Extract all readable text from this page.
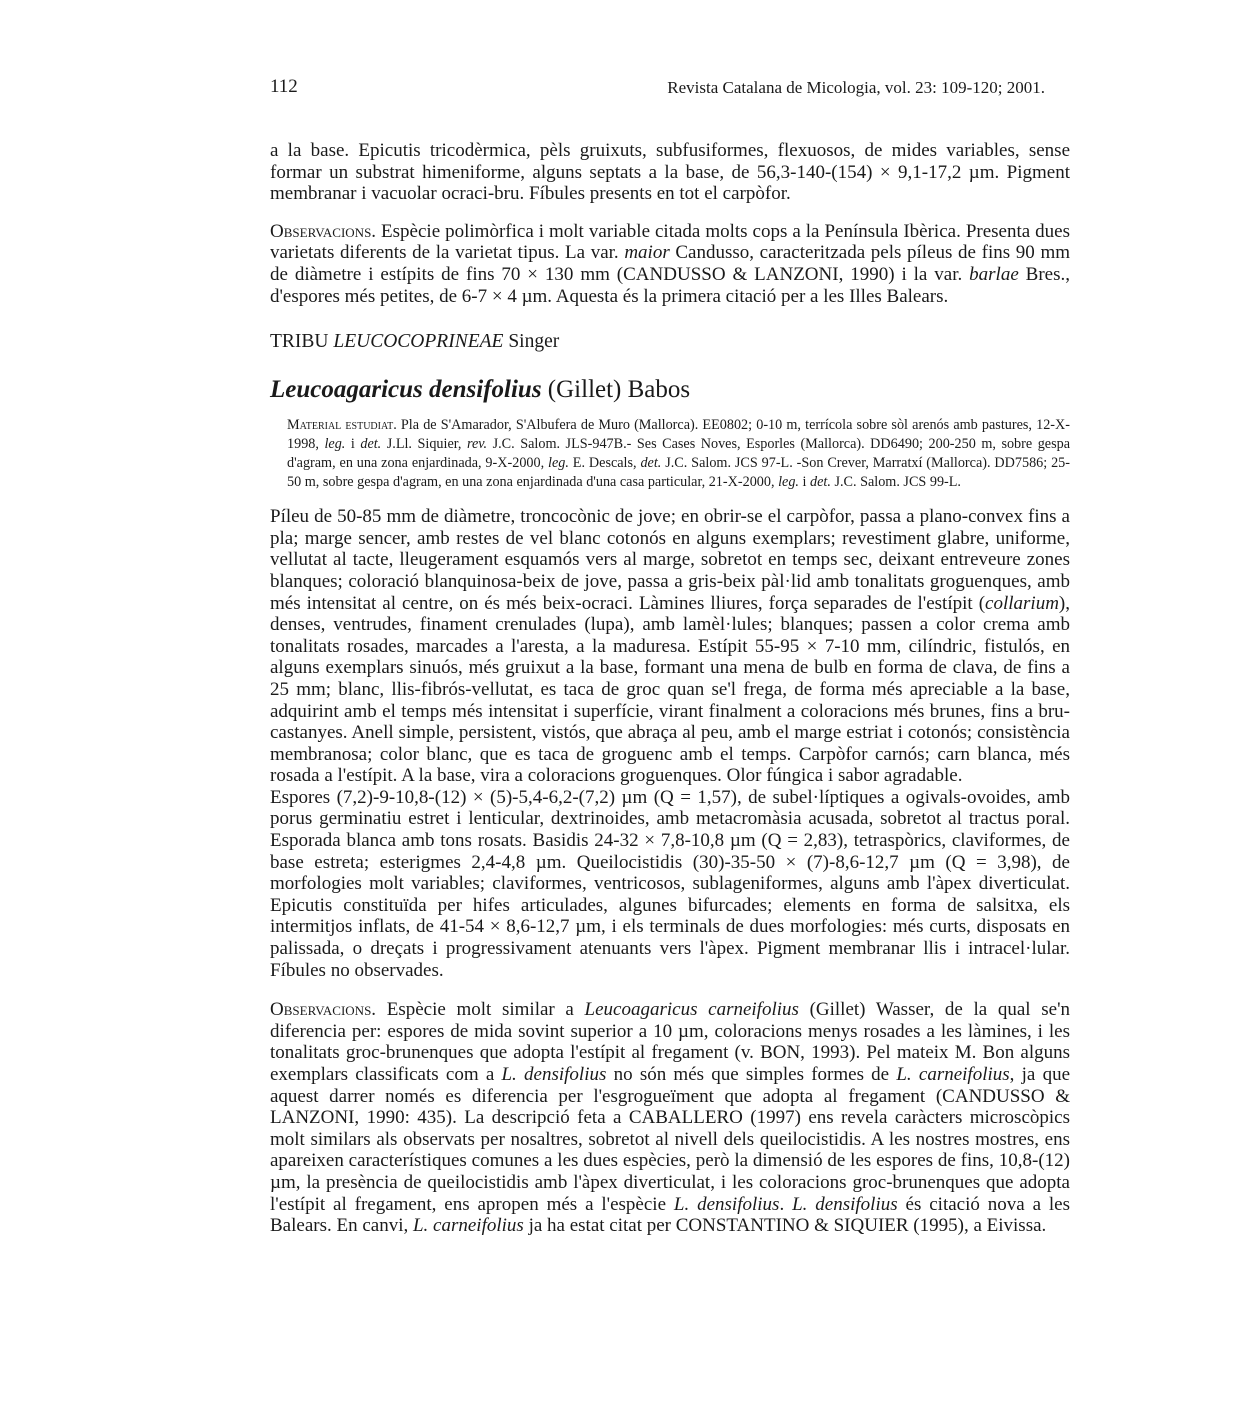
112	Revista Catalana de Micologia, vol. 23: 109-120; 2001.

a la base. Epicutis tricodèrmica, pèls gruixuts, subfusiformes, flexuosos, de mides variables, sense formar un substrat himeniforme, alguns septats a la base, de 56,3-140-(154) × 9,1-17,2 µm. Pigment membranar i vacuolar ocraci-bru. Fíbules presents en tot el carpòfor.

Observacions. Espècie polimòrfica i molt variable citada molts cops a la Península Ibèrica. Presenta dues varietats diferents de la varietat tipus. La var. maior Candusso, caracteritzada pels píleus de fins 90 mm de diàmetre i estípits de fins 70 × 130 mm (CANDUSSO & LANZONI, 1990) i la var. barlae Bres., d'espores més petites, de 6-7 × 4 µm. Aquesta és la primera citació per a les Illes Balears.

TRIBU LEUCOCOPRINEAE Singer

Leucoagaricus densifolius (Gillet) Babos

Material estudiat. Pla de S'Amarador, S'Albufera de Muro (Mallorca). EE0802; 0-10 m, terrícola sobre sòl arenós amb pastures, 12-X-1998, leg. i det. J.Ll. Siquier, rev. J.C. Salom. JLS-947B.- Ses Cases Noves, Esporles (Mallorca). DD6490; 200-250 m, sobre gespa d'agram, en una zona enjardinada, 9-X-2000, leg. E. Descals, det. J.C. Salom. JCS 97-L. -Son Crever, Marratxí (Mallorca). DD7586; 25-50 m, sobre gespa d'agram, en una zona enjardinada d'una casa particular, 21-X-2000, leg. i det. J.C. Salom. JCS 99-L.

Píleu de 50-85 mm de diàmetre, troncocònic de jove; en obrir-se el carpòfor, passa a plano-convex fins a pla; marge sencer, amb restes de vel blanc cotonós en alguns exemplars; revestiment glabre, uniforme, vellutat al tacte, lleugerament esquamós vers al marge, sobretot en temps sec, deixant entreveure zones blanques; coloració blanquinosa-beix de jove, passa a gris-beix pàl·lid amb tonalitats groguenques, amb més intensitat al centre, on és més beix-ocraci. Làmines lliures, força separades de l'estípit (collarium), denses, ventrudes, finament crenulades (lupa), amb lamèl·lules; blanques; passen a color crema amb tonalitats rosades, marcades a l'aresta, a la maduresa. Estípit 55-95 × 7-10 mm, cilíndric, fistulós, en alguns exemplars sinuós, més gruixut a la base, formant una mena de bulb en forma de clava, de fins a 25 mm; blanc, llis-fibrós-vellutat, es taca de groc quan se'l frega, de forma més apreciable a la base, adquirint amb el temps més intensitat i superfície, virant finalment a coloracions més brunes, fins a bru-castanyes. Anell simple, persistent, vistós, que abraça al peu, amb el marge estriat i cotonós; consistència membranosa; color blanc, que es taca de groguenc amb el temps. Carpòfor carnós; carn blanca, més rosada a l'estípit. A la base, vira a coloracions groguenques. Olor fúngica i sabor agradable.

Espores (7,2)-9-10,8-(12) × (5)-5,4-6,2-(7,2) µm (Q = 1,57), de subel·líptiques a ogivals-ovoides, amb porus germinatiu estret i lenticular, dextrinoides, amb metacromàsia acusada, sobretot al tractus poral. Esporada blanca amb tons rosats. Basidis 24-32 × 7,8-10,8 µm (Q = 2,83), tetraspòrics, claviformes, de base estreta; esterigmes 2,4-4,8 µm. Queilocistidis (30)-35-50 × (7)-8,6-12,7 µm (Q = 3,98), de morfologies molt variables; claviformes, ventricosos, sublageniformes, alguns amb l'àpex diverticulat. Epicutis constituïda per hifes articulades, algunes bifurcades; elements en forma de salsitxa, els intermitjos inflats, de 41-54 × 8,6-12,7 µm, i els terminals de dues morfologies: més curts, disposats en palissada, o dreçats i progressivament atenuants vers l'àpex. Pigment membranar llis i intracel·lular. Fíbules no observades.

Observacions. Espècie molt similar a Leucoagaricus carneifolius (Gillet) Wasser, de la qual se'n diferencia per: espores de mida sovint superior a 10 µm, coloracions menys rosades a les làmines, i les tonalitats groc-brunenques que adopta l'estípit al fregament (v. BON, 1993). Pel mateix M. Bon alguns exemplars classificats com a L. densifolius no són més que simples formes de L. carneifolius, ja que aquest darrer només es diferencia per l'esgrogueïment que adopta al fregament (CANDUSSO & LANZONI, 1990: 435). La descripció feta a CABALLERO (1997) ens revela caràcters microscòpics molt similars als observats per nosaltres, sobretot al nivell dels queilocistidis. A les nostres mostres, ens apareixen característiques comunes a les dues espècies, però la dimensió de les espores de fins, 10,8-(12) µm, la presència de queilocistidis amb l'àpex diverticulat, i les coloracions groc-brunenques que adopta l'estípit al fregament, ens apropen més a l'espècie L. densifolius. L. densifolius és citació nova a les Balears. En canvi, L. carneifolius ja ha estat citat per CONSTANTINO & SIQUIER (1995), a Eivissa.
